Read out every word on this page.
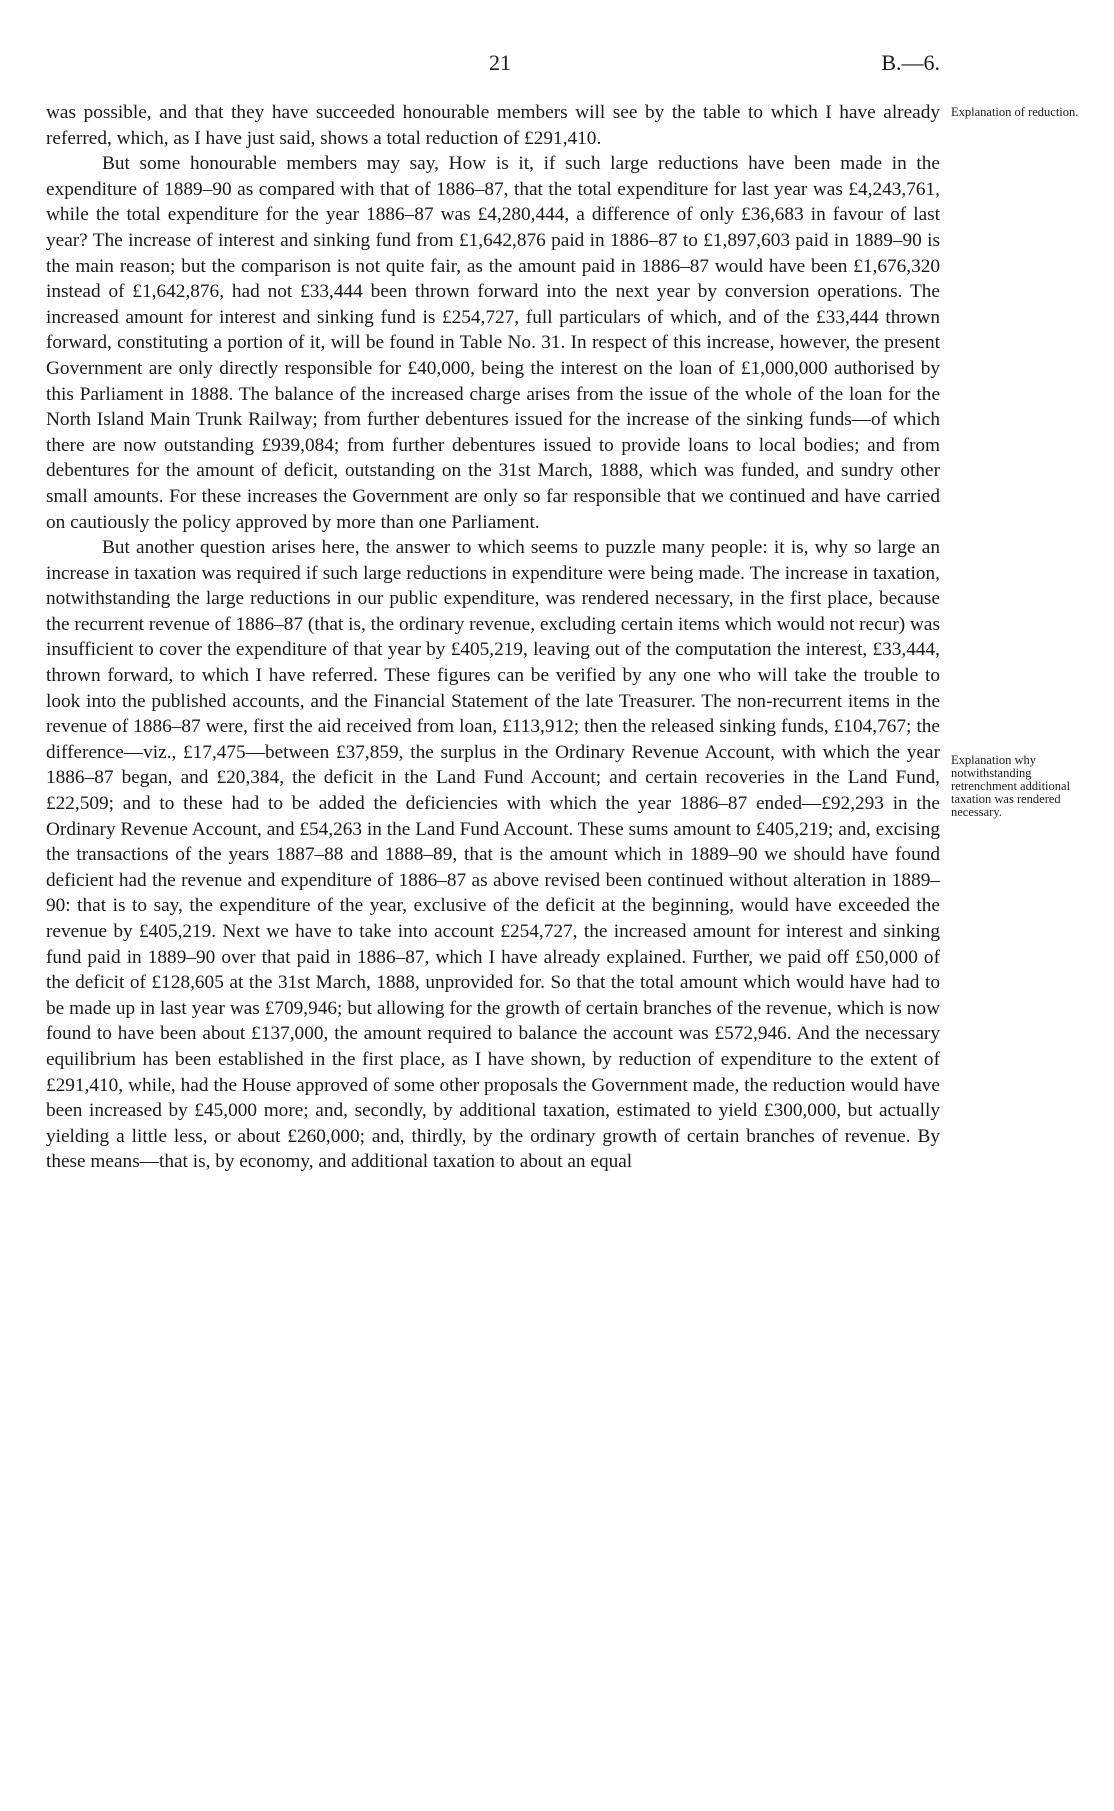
21	B.—6.

was possible, and that they have succeeded honourable members will see by the table to which I have already referred, which, as I have just said, shows a total reduction of £291,410.

But some honourable members may say, How is it, if such large reductions have been made in the expenditure of 1889–90 as compared with that of 1886–87, that the total expenditure for last year was £4,243,761, while the total expenditure for the year 1886–87 was £4,280,444, a difference of only £36,683 in favour of last year? The increase of interest and sinking fund from £1,642,876 paid in 1886–87 to £1,897,603 paid in 1889–90 is the main reason; but the comparison is not quite fair, as the amount paid in 1886–87 would have been £1,676,320 instead of £1,642,876, had not £33,444 been thrown forward into the next year by conversion operations. The increased amount for interest and sinking fund is £254,727, full particulars of which, and of the £33,444 thrown forward, constituting a portion of it, will be found in Table No. 31. In respect of this increase, however, the present Government are only directly responsible for £40,000, being the interest on the loan of £1,000,000 authorised by this Parliament in 1888. The balance of the increased charge arises from the issue of the whole of the loan for the North Island Main Trunk Railway; from further debentures issued for the increase of the sinking funds—of which there are now outstanding £939,084; from further debentures issued to provide loans to local bodies; and from debentures for the amount of deficit, outstanding on the 31st March, 1888, which was funded, and sundry other small amounts. For these increases the Government are only so far responsible that we continued and have carried on cautiously the policy approved by more than one Parliament.

But another question arises here, the answer to which seems to puzzle many people: it is, why so large an increase in taxation was required if such large reductions in expenditure were being made. The increase in taxation, notwithstanding the large reductions in our public expenditure, was rendered necessary, in the first place, because the recurrent revenue of 1886–87 (that is, the ordinary revenue, excluding certain items which would not recur) was insufficient to cover the expenditure of that year by £405,219, leaving out of the computation the interest, £33,444, thrown forward, to which I have referred. These figures can be verified by any one who will take the trouble to look into the published accounts, and the Financial Statement of the late Treasurer. The non-recurrent items in the revenue of 1886–87 were, first the aid received from loan, £113,912; then the released sinking funds, £104,767; the difference—viz., £17,475—between £37,859, the surplus in the Ordinary Revenue Account, with which the year 1886–87 began, and £20,384, the deficit in the Land Fund Account; and certain recoveries in the Land Fund, £22,509; and to these had to be added the deficiencies with which the year 1886–87 ended—£92,293 in the Ordinary Revenue Account, and £54,263 in the Land Fund Account. These sums amount to £405,219; and, excising the transactions of the years 1887–88 and 1888–89, that is the amount which in 1889–90 we should have found deficient had the revenue and expenditure of 1886–87 as above revised been continued without alteration in 1889–90: that is to say, the expenditure of the year, exclusive of the deficit at the beginning, would have exceeded the revenue by £405,219. Next we have to take into account £254,727, the increased amount for interest and sinking fund paid in 1889–90 over that paid in 1886–87, which I have already explained. Further, we paid off £50,000 of the deficit of £128,605 at the 31st March, 1888, unprovided for. So that the total amount which would have had to be made up in last year was £709,946; but allowing for the growth of certain branches of the revenue, which is now found to have been about £137,000, the amount required to balance the account was £572,946. And the necessary equilibrium has been established in the first place, as I have shown, by reduction of expenditure to the extent of £291,410, while, had the House approved of some other proposals the Government made, the reduction would have been increased by £45,000 more; and, secondly, by additional taxation, estimated to yield £300,000, but actually yielding a little less, or about £260,000; and, thirdly, by the ordinary growth of certain branches of revenue. By these means—that is, by economy, and additional taxation to about an equal

Explanation of reduction.
Explanation why notwithstanding retrenchment additional taxation was rendered necessary.
